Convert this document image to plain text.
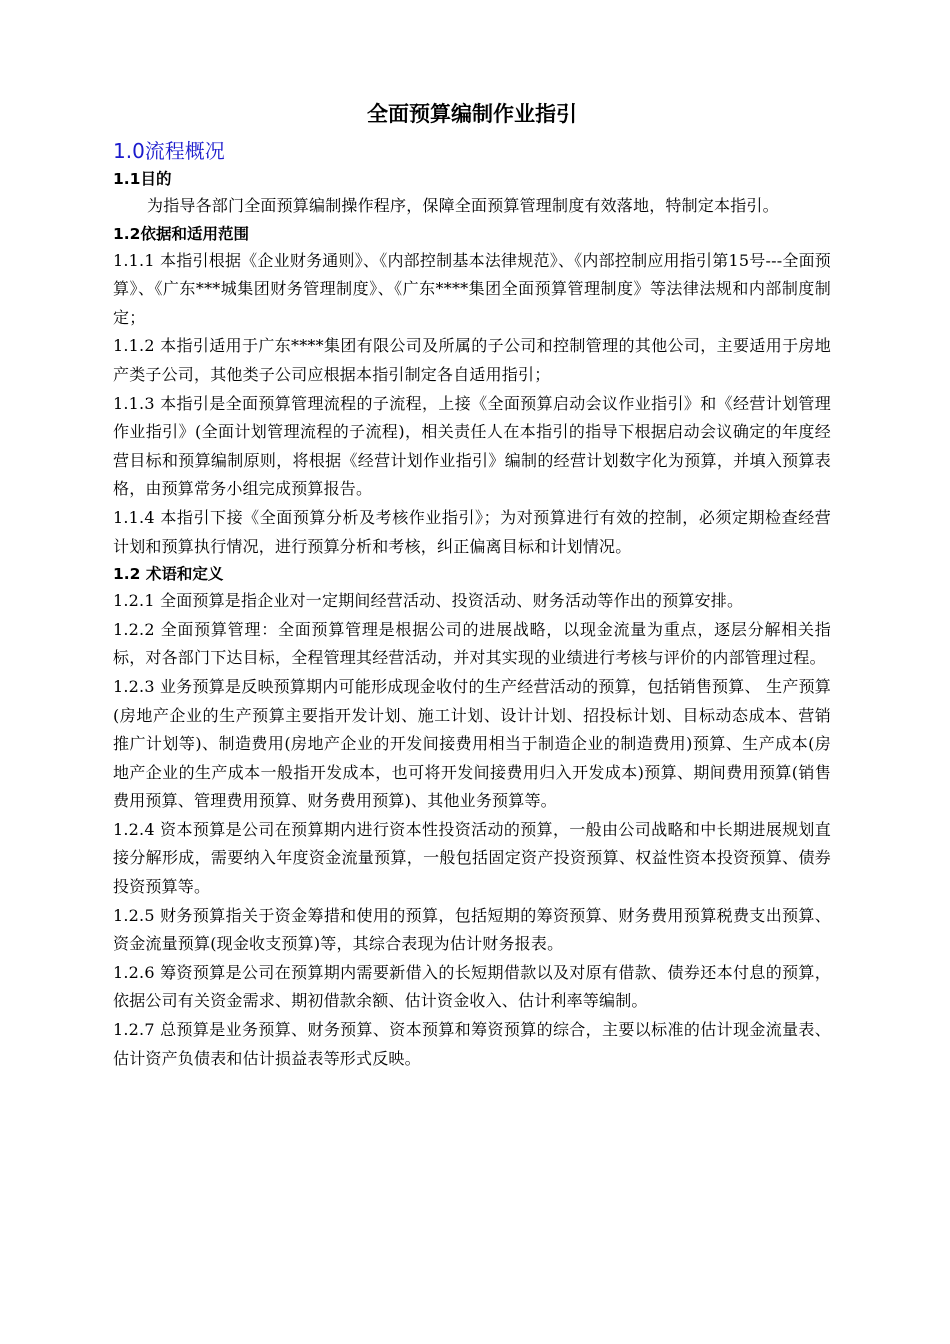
全面预算编制作业指引
1.0流程概况
1.1目的

为指导各部门全面预算编制操作程序，保障全面预算管理制度有效落地，特制定本指引。

1.2依据和适用范围

1.1.1 本指引根据《企业财务通则》、《内部控制基本法律规范》、《内部控制应用指引第15号---全面预算》、《广东***城集团财务管理制度》、《广东****集团全面预算管理制度》等法律法规和内部制度制定；

1.1.2 本指引适用于广东****集团有限公司及所属的子公司和控制管理的其他公司，主要适用于房地产类子公司，其他类子公司应根据本指引制定各自适用指引；

1.1.3 本指引是全面预算管理流程的子流程，上接《全面预算启动会议作业指引》和《经营计划管理作业指引》(全面计划管理流程的子流程)，相关责任人在本指引的指导下根据启动会议确定的年度经营目标和预算编制原则，将根据《经营计划作业指引》编制的经营计划数字化为预算，并填入预算表格，由预算常务小组完成预算报告。

1.1.4 本指引下接《全面预算分析及考核作业指引》；为对预算进行有效的控制，必须定期检查经营计划和预算执行情况，进行预算分析和考核，纠正偏离目标和计划情况。

1.2 术语和定义

1.2.1 全面预算是指企业对一定期间经营活动、投资活动、财务活动等作出的预算安排。

1.2.2 全面预算管理：全面预算管理是根据公司的进展战略，以现金流量为重点，逐层分解相关指标，对各部门下达目标，全程管理其经营活动，并对其实现的业绩进行考核与评价的内部管理过程。

1.2.3 业务预算是反映预算期内可能形成现金收付的生产经营活动的预算，包括销售预算、 生产预算(房地产企业的生产预算主要指开发计划、施工计划、设计计划、招投标计划、目标动态成本、营销推广计划等)、制造费用(房地产企业的开发间接费用相当于制造企业的制造费用)预算、生产成本(房地产企业的生产成本一般指开发成本，也可将开发间接费用归入开发成本)预算、期间费用预算(销售费用预算、管理费用预算、财务费用预算)、其他业务预算等。

1.2.4 资本预算是公司在预算期内进行资本性投资活动的预算，一般由公司战略和中长期进展规划直接分解形成，需要纳入年度资金流量预算，一般包括固定资产投资预算、权益性资本投资预算、债券投资预算等。

1.2.5 财务预算指关于资金筹措和使用的预算，包括短期的筹资预算、财务费用预算税费支出预算、资金流量预算(现金收支预算)等，其综合表现为估计财务报表。

1.2.6 筹资预算是公司在预算期内需要新借入的长短期借款以及对原有借款、债券还本付息的预算，依据公司有关资金需求、期初借款余额、估计资金收入、估计利率等编制。

1.2.7 总预算是业务预算、财务预算、资本预算和筹资预算的综合，主要以标准的估计现金流量表、估计资产负债表和估计损益表等形式反映。
